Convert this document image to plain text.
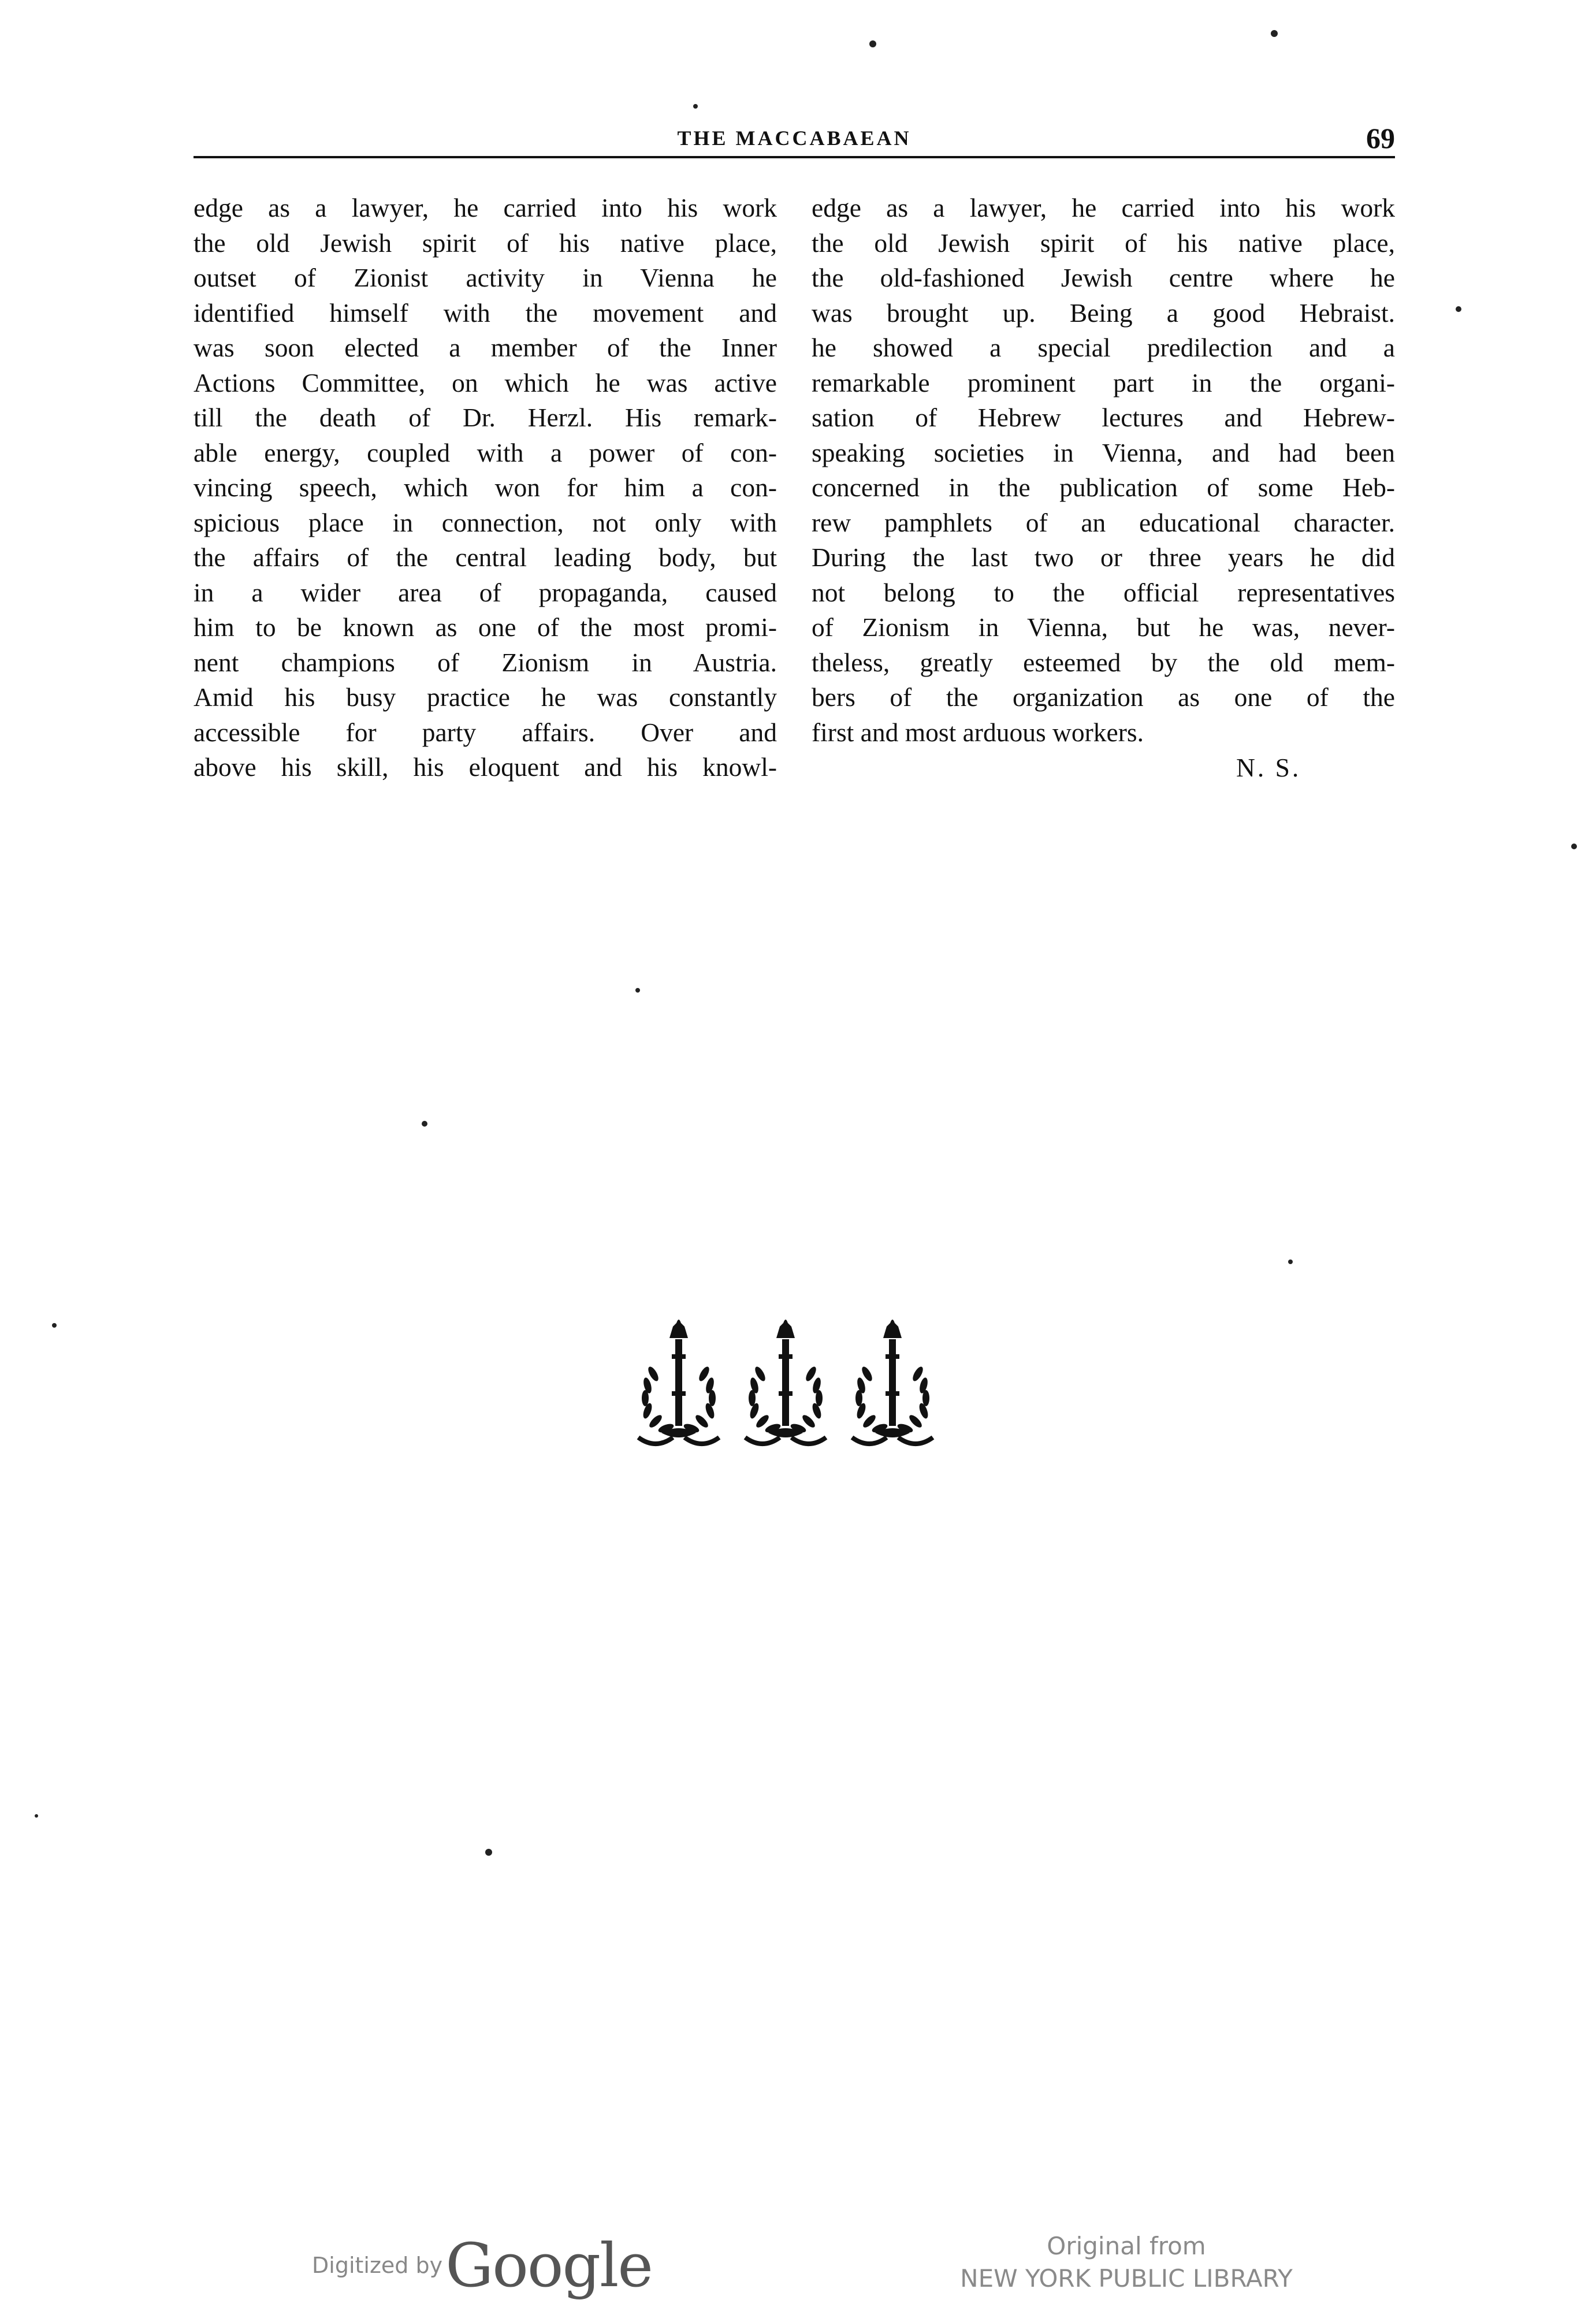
THE MACCABAEAN	69
edge as a lawyer, he carried into his work
the old Jewish spirit of his native place,
outset of Zionist activity in Vienna he
identified himself with the movement and
was soon elected a member of the Inner
Actions Committee, on which he was active
till the death of Dr. Herzl. His remark-
able energy, coupled with a power of con-
vincing speech, which won for him a con-
spicious place in connection, not only with
the affairs of the central leading body, but
in a wider area of propaganda, caused
him to be known as one of the most promi-
nent champions of Zionism in Austria.
Amid his busy practice he was constantly
accessible for party affairs. Over and
above his skill, his eloquent and his knowl-
edge as a lawyer, he carried into his work
the old Jewish spirit of his native place,
the old-fashioned Jewish centre where he
was brought up. Being a good Hebraist.
he showed a special predilection and a
remarkable prominent part in the organi-
sation of Hebrew lectures and Hebrew-
speaking societies in Vienna, and had been
concerned in the publication of some Heb-
rew pamphlets of an educational character.
During the last two or three years he did
not belong to the official representatives
of Zionism in Vienna, but he was, never-
theless, greatly esteemed by the old mem-
bers of the organization as one of the
first and most arduous workers.
N. S.
Digitized by Google	Original from
NEW YORK PUBLIC LIBRARY
